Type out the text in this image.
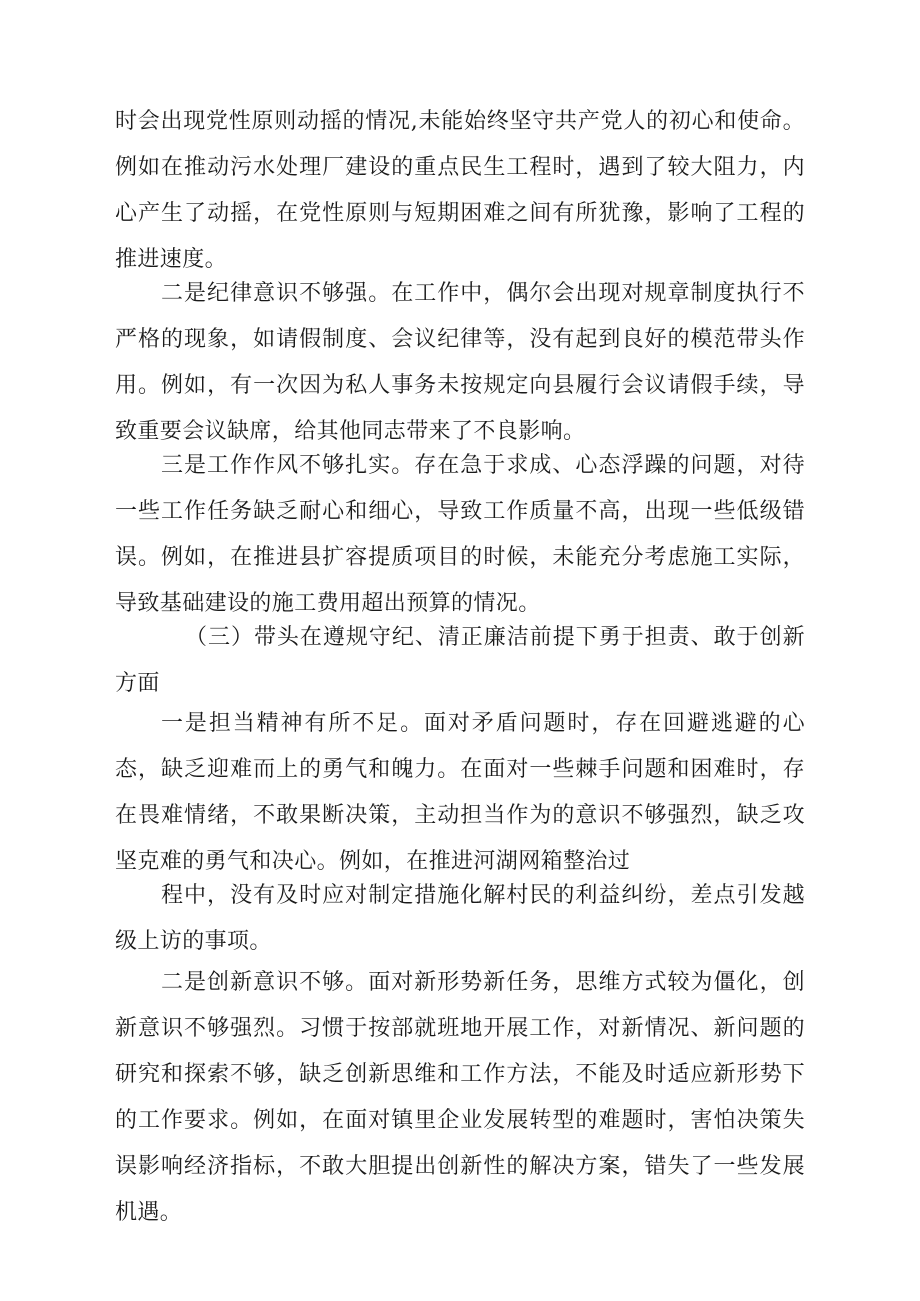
时会出现党性原则动摇的情况,未能始终坚守共产党人的初心和使命。例如在推动污水处理厂建设的重点民生工程时，遇到了较大阻力，内心产生了动摇，在党性原则与短期困难之间有所犹豫，影响了工程的推进速度。

二是纪律意识不够强。在工作中，偶尔会出现对规章制度执行不严格的现象，如请假制度、会议纪律等，没有起到良好的模范带头作用。例如，有一次因为私人事务未按规定向县履行会议请假手续，导致重要会议缺席，给其他同志带来了不良影响。

三是工作作风不够扎实。存在急于求成、心态浮躁的问题，对待一些工作任务缺乏耐心和细心，导致工作质量不高，出现一些低级错误。例如，在推进县扩容提质项目的时候，未能充分考虑施工实际，导致基础建设的施工费用超出预算的情况。

（三）带头在遵规守纪、清正廉洁前提下勇于担责、敢于创新方面

一是担当精神有所不足。面对矛盾问题时，存在回避逃避的心态，缺乏迎难而上的勇气和魄力。在面对一些棘手问题和困难时，存在畏难情绪，不敢果断决策，主动担当作为的意识不够强烈，缺乏攻坚克难的勇气和决心。例如，在推进河湖网箱整治过

程中，没有及时应对制定措施化解村民的利益纠纷，差点引发越级上访的事项。

二是创新意识不够。面对新形势新任务，思维方式较为僵化，创新意识不够强烈。习惯于按部就班地开展工作，对新情况、新问题的研究和探索不够，缺乏创新思维和工作方法，不能及时适应新形势下的工作要求。例如，在面对镇里企业发展转型的难题时，害怕决策失误影响经济指标，不敢大胆提出创新性的解决方案，错失了一些发展机遇。
